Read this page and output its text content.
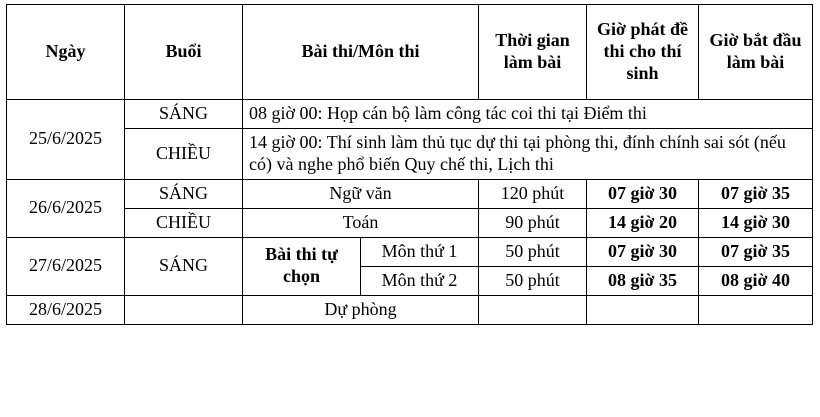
Ngày	Buổi	Bài thi/Môn thi		Thời gian làm bài	Giờ phát đề thi cho thí sinh	Giờ bắt đầu làm bài
25/6/2025	SÁNG	08 giờ 00: Họp cán bộ làm công tác coi thi tại Điểm thi				
	CHIỀU	14 giờ 00: Thí sinh làm thủ tục dự thi tại phòng thi, đính chính sai sót (nếu có) và nghe phổ biến Quy chế thi, Lịch thi				
26/6/2025	SÁNG	Ngữ văn		120 phút	07 giờ 30	07 giờ 35
	CHIỀU	Toán		90 phút	14 giờ 20	14 giờ 30
27/6/2025	SÁNG	Bài thi tự chọn	Môn thứ 1	50 phút	07 giờ 30	07 giờ 35
			Môn thứ 2	50 phút	08 giờ 35	08 giờ 40
28/6/2025		Dự phòng				
